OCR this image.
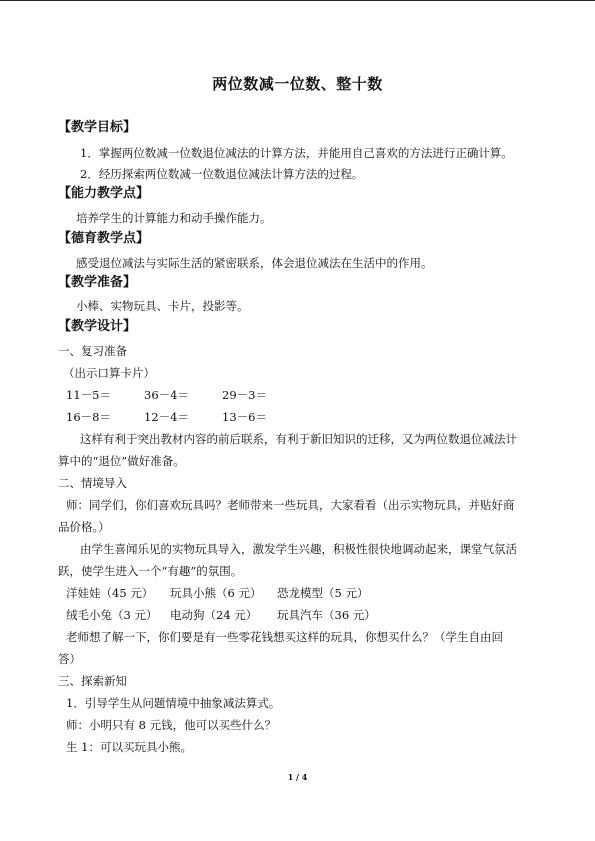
两位数减一位数、整十数
【教学目标】
1．掌握两位数减一位数退位减法的计算方法，并能用自己喜欢的方法进行正确计算。
2．经历探索两位数减一位数退位减法计算方法的过程。
【能力教学点】
培养学生的计算能力和动手操作能力。
【德育教学点】
感受退位减法与实际生活的紧密联系，体会退位减法在生活中的作用。
【教学准备】
小棒、实物玩具、卡片，投影等。
【教学设计】
一、复习准备
（出示口算卡片）
11－5＝	36－4＝	29－3＝
16－8＝	12－4＝	13－6＝
这样有利于突出教材内容的前后联系，有利于新旧知识的迁移，又为两位数退位减法计
算中的“退位”做好准备。
二、情境导入
师：同学们，你们喜欢玩具吗？老师带来一些玩具，大家看看（出示实物玩具，并贴好商
品价格。）
由学生喜闻乐见的实物玩具导入，激发学生兴趣，积极性很快地调动起来，课堂气氛活
跃，使学生进入一个“有趣”的氛围。
洋娃娃（45 元） 玩具小熊（6 元） 恐龙模型（5 元）
绒毛小兔（3 元） 电动狗（24 元） 玩具汽车（36 元）
老师想了解一下，你们要是有一些零花钱想买这样的玩具，你想买什么？（学生自由回
答）
三、探索新知
1．引导学生从问题情境中抽象减法算式。
师：小明只有 8 元钱，他可以买些什么？
生 1：可以买玩具小熊。
1 / 4
